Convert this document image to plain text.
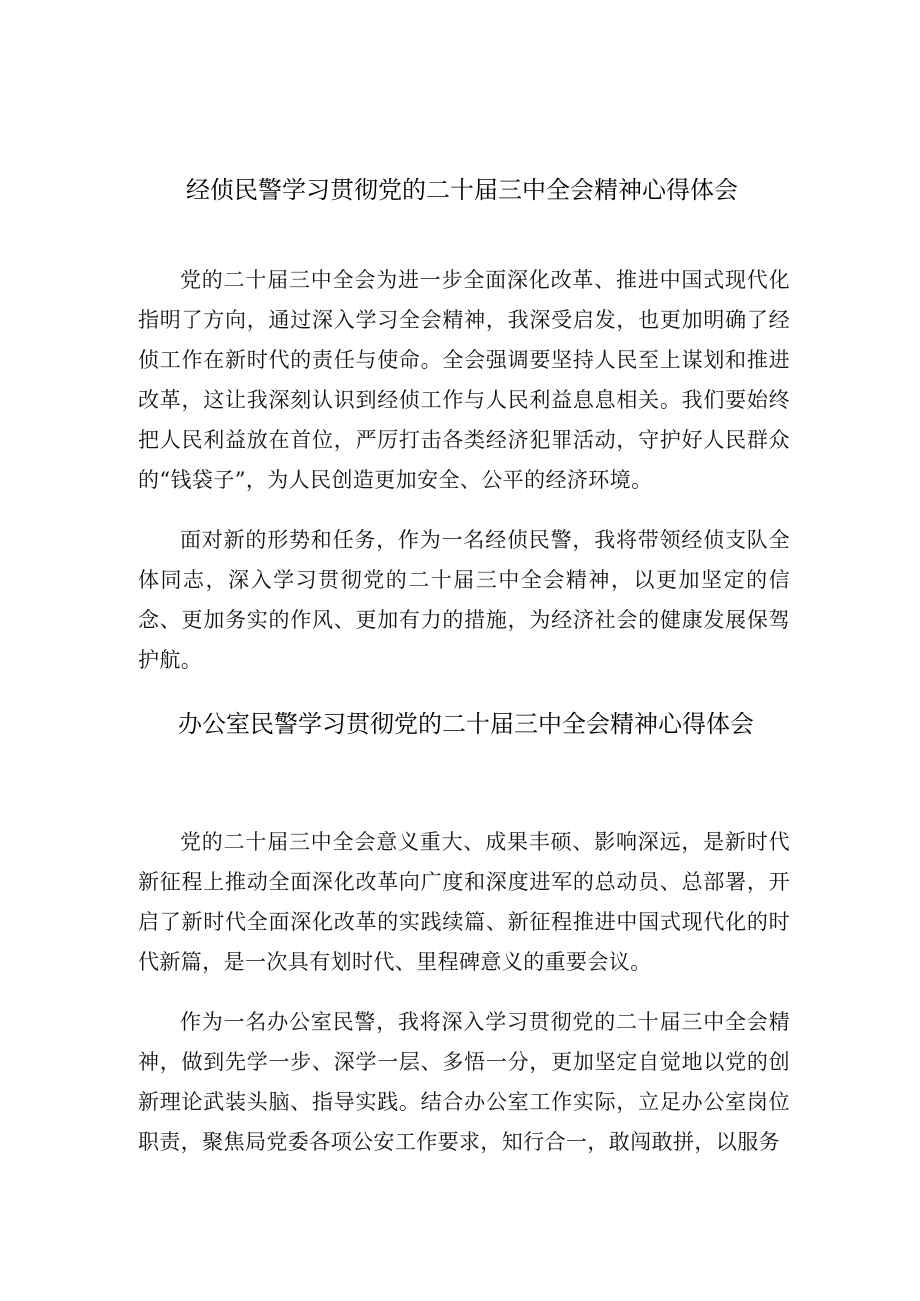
经侦民警学习贯彻党的二十届三中全会精神心得体会

党的二十届三中全会为进一步全面深化改革、推进中国式现代化指明了方向，通过深入学习全会精神，我深受启发，也更加明确了经侦工作在新时代的责任与使命。全会强调要坚持人民至上谋划和推进改革，这让我深刻认识到经侦工作与人民利益息息相关。我们要始终把人民利益放在首位，严厉打击各类经济犯罪活动，守护好人民群众的“钱袋子”，为人民创造更加安全、公平的经济环境。

面对新的形势和任务，作为一名经侦民警，我将带领经侦支队全体同志，深入学习贯彻党的二十届三中全会精神，以更加坚定的信念、更加务实的作风、更加有力的措施，为经济社会的健康发展保驾护航。

办公室民警学习贯彻党的二十届三中全会精神心得体会

党的二十届三中全会意义重大、成果丰硕、影响深远，是新时代新征程上推动全面深化改革向广度和深度进军的总动员、总部署，开启了新时代全面深化改革的实践续篇、新征程推进中国式现代化的时代新篇，是一次具有划时代、里程碑意义的重要会议。

作为一名办公室民警，我将深入学习贯彻党的二十届三中全会精神，做到先学一步、深学一层、多悟一分，更加坚定自觉地以党的创新理论武装头脑、指导实践。结合办公室工作实际，立足办公室岗位职责，聚焦局党委各项公安工作要求，知行合一，敢闯敢拼，以服务
